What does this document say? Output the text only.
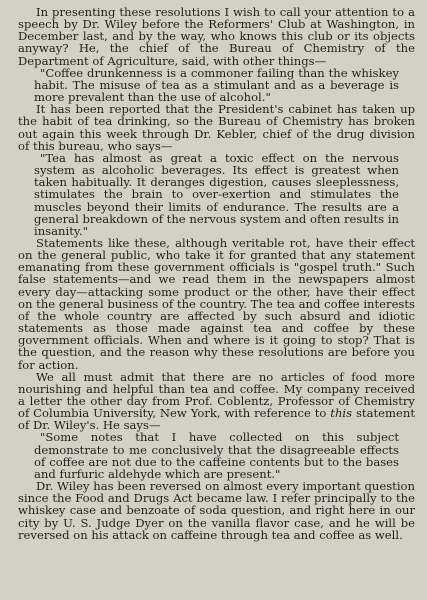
In presenting these resolutions I wish to call your attention to a speech by Dr. Wiley before the Reformers' Club at Washington, in December last, and by the way, who knows this club or its objects anyway? He, the chief of the Bureau of Chemistry of the Department of Agriculture, said, with other things—

"Coffee drunkenness is a commoner failing than the whiskey habit. The misuse of tea as a stimulant and as a beverage is more prevalent than the use of alcohol."

It has been reported that the President's cabinet has taken up the habit of tea drinking, so the Bureau of Chemistry has broken out again this week through Dr. Kebler, chief of the drug division of this bureau, who says—

"Tea has almost as great a toxic effect on the nervous system as alcoholic beverages. Its effect is greatest when taken habitually. It deranges digestion, causes sleeplessness, stimulates the brain to over-exertion and stimulates the muscles beyond their limits of endurance. The results are a general breakdown of the nervous system and often results in insanity."

Statements like these, although veritable rot, have their effect on the general public, who take it for granted that any statement emanating from these government officials is "gospel truth." Such false statements—and we read them in the newspapers almost every day—attacking some product or the other, have their effect on the general business of the country. The tea and coffee interests of the whole country are affected by such absurd and idiotic statements as those made against tea and coffee by these government officials. When and where is it going to stop? That is the question, and the reason why these resolutions are before you for action.

We all must admit that there are no articles of food more nourishing and helpful than tea and coffee. My company received a letter the other day from Prof. Coblentz, Professor of Chemistry of Columbia University, New York, with reference to this statement of Dr. Wiley's. He says—

"Some notes that I have collected on this subject demonstrate to me conclusively that the disagreeable effects of coffee are not due to the caffeine contents but to the bases and furfuric aldehyde which are present."

Dr. Wiley has been reversed on almost every important question since the Food and Drugs Act became law. I refer principally to the whiskey case and benzoate of soda question, and right here in our city by U. S. Judge Dyer on the vanilla flavor case, and he will be reversed on his attack on caffeine through tea and coffee as well.
